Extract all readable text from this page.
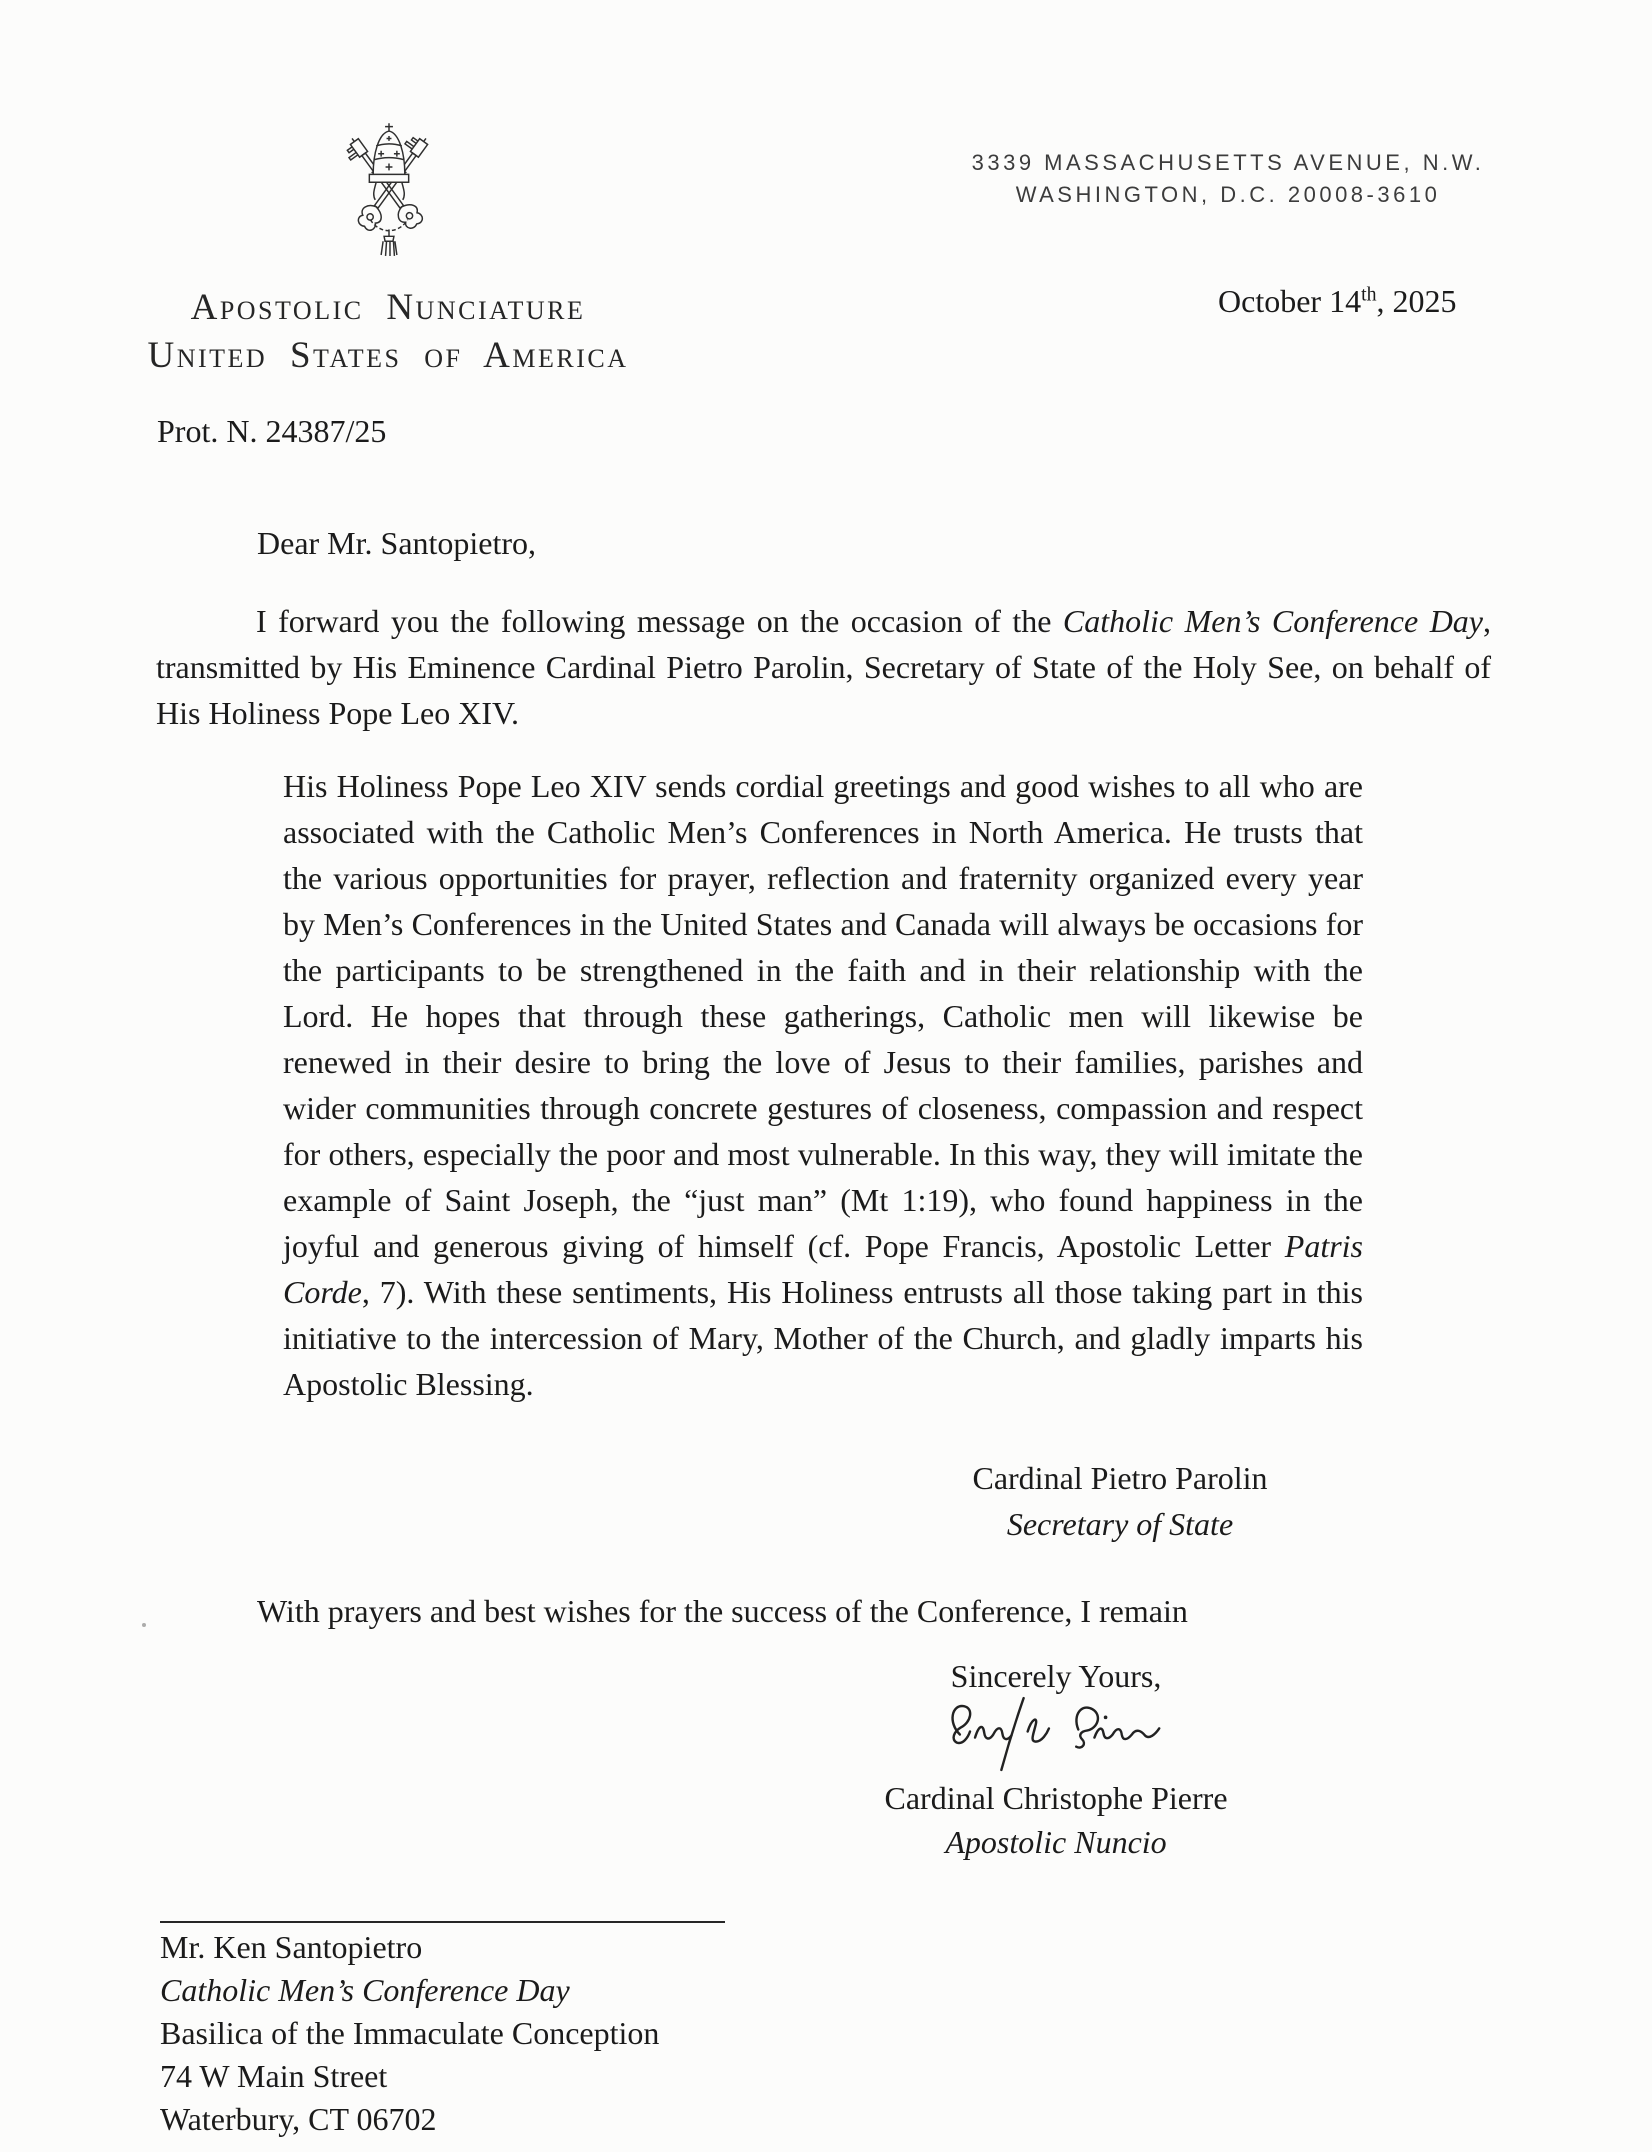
Apostolic Nunciature
United States of America
3339 MASSACHUSETTS AVENUE, N.W.
WASHINGTON, D.C. 20008-3610
October 14th, 2025
Prot. N. 24387/25
Dear Mr. Santopietro,

I forward you the following message on the occasion of the Catholic Men’s Conference Day, transmitted by His Eminence Cardinal Pietro Parolin, Secretary of State of the Holy See, on behalf of His Holiness Pope Leo XIV.

His Holiness Pope Leo XIV sends cordial greetings and good wishes to all who are associated with the Catholic Men’s Conferences in North America. He trusts that the various opportunities for prayer, reflection and fraternity organized every year by Men’s Conferences in the United States and Canada will always be occasions for the participants to be strengthened in the faith and in their relationship with the Lord. He hopes that through these gatherings, Catholic men will likewise be renewed in their desire to bring the love of Jesus to their families, parishes and wider communities through concrete gestures of closeness, compassion and respect for others, especially the poor and most vulnerable. In this way, they will imitate the example of Saint Joseph, the “just man” (Mt 1:19), who found happiness in the joyful and generous giving of himself (cf. Pope Francis, Apostolic Letter Patris Corde, 7). With these sentiments, His Holiness entrusts all those taking part in this initiative to the intercession of Mary, Mother of the Church, and gladly imparts his Apostolic Blessing.

Cardinal Pietro Parolin
Secretary of State
With prayers and best wishes for the success of the Conference, I remain
Sincerely Yours,
Cardinal Christophe Pierre
Apostolic Nuncio
Mr. Ken Santopietro
Catholic Men’s Conference Day
Basilica of the Immaculate Conception
74 W Main Street
Waterbury, CT 06702
